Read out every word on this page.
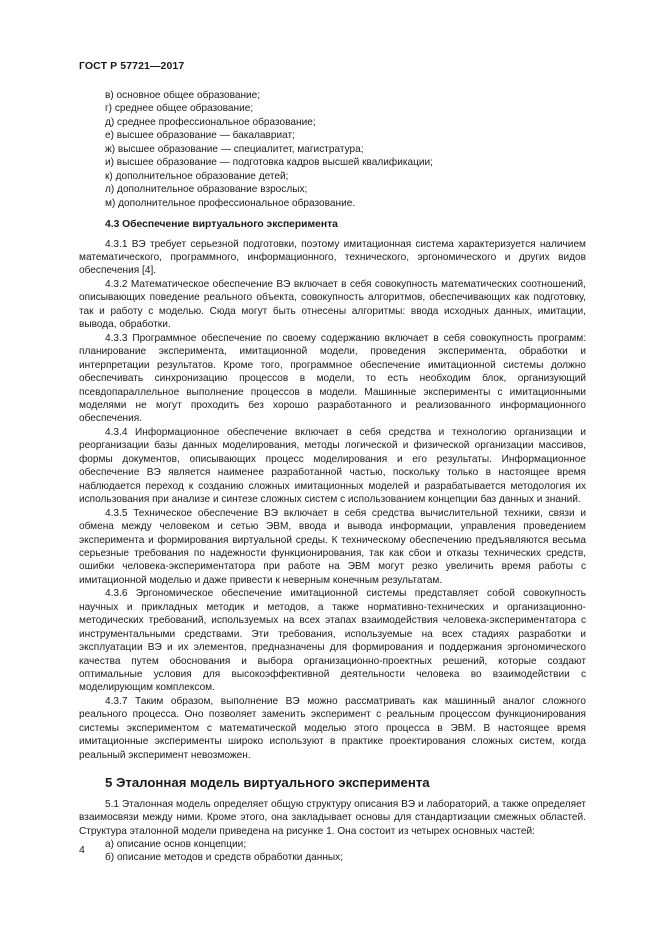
ГОСТ Р 57721—2017
в) основное общее образование;
г) среднее общее образование;
д) среднее профессиональное образование;
е) высшее образование — бакалавриат;
ж) высшее образование — специалитет, магистратура;
и) высшее образование — подготовка кадров высшей квалификации;
к) дополнительное образование детей;
л) дополнительное образование взрослых;
м) дополнительное профессиональное образование.
4.3 Обеспечение виртуального эксперимента

4.3.1 ВЭ требует серьезной подготовки, поэтому имитационная система характеризуется наличием математического, программного, информационного, технического, эргономического и других видов обеспечения [4].

4.3.2 Математическое обеспечение ВЭ включает в себя совокупность математических соотношений, описывающих поведение реального объекта, совокупность алгоритмов, обеспечивающих как подготовку, так и работу с моделью. Сюда могут быть отнесены алгоритмы: ввода исходных данных, имитации, вывода, обработки.

4.3.3 Программное обеспечение по своему содержанию включает в себя совокупность программ: планирование эксперимента, имитационной модели, проведения эксперимента, обработки и интерпретации результатов. Кроме того, программное обеспечение имитационной системы должно обеспечивать синхронизацию процессов в модели, то есть необходим блок, организующий псевдопараллельное выполнение процессов в модели. Машинные эксперименты с имитационными моделями не могут проходить без хорошо разработанного и реализованного информационного обеспечения.

4.3.4 Информационное обеспечение включает в себя средства и технологию организации и реорганизации базы данных моделирования, методы логической и физической организации массивов, формы документов, описывающих процесс моделирования и его результаты. Информационное обеспечение ВЭ является наименее разработанной частью, поскольку только в настоящее время наблюдается переход к созданию сложных имитационных моделей и разрабатывается методология их использования при анализе и синтезе сложных систем с использованием концепции баз данных и знаний.

4.3.5 Техническое обеспечение ВЭ включает в себя средства вычислительной техники, связи и обмена между человеком и сетью ЭВМ, ввода и вывода информации, управления проведением эксперимента и формирования виртуальной среды. К техническому обеспечению предъявляются весьма серьезные требования по надежности функционирования, так как сбои и отказы технических средств, ошибки человека-экспериментатора при работе на ЭВМ могут резко увеличить время работы с имитационной моделью и даже привести к неверным конечным результатам.

4.3.6 Эргономическое обеспечение имитационной системы представляет собой совокупность научных и прикладных методик и методов, а также нормативно-технических и организационно-методических требований, используемых на всех этапах взаимодействия человека-экспериментатора с инструментальными средствами. Эти требования, используемые на всех стадиях разработки и эксплуатации ВЭ и их элементов, предназначены для формирования и поддержания эргономического качества путем обоснования и выбора организационно-проектных решений, которые создают оптимальные условия для высокоэффективной деятельности человека во взаимодействии с моделирующим комплексом.

4.3.7 Таким образом, выполнение ВЭ можно рассматривать как машинный аналог сложного реального процесса. Оно позволяет заменить эксперимент с реальным процессом функционирования системы экспериментом с математической моделью этого процесса в ЭВМ. В настоящее время имитационные эксперименты широко используют в практике проектирования сложных систем, когда реальный эксперимент невозможен.

5 Эталонная модель виртуального эксперимента

5.1 Эталонная модель определяет общую структуру описания ВЭ и лабораторий, а также определяет взаимосвязи между ними. Кроме этого, она закладывает основы для стандартизации смежных областей. Структура эталонной модели приведена на рисунке 1. Она состоит из четырех основных частей:

а) описание основ концепции;
б) описание методов и средств обработки данных;
4
